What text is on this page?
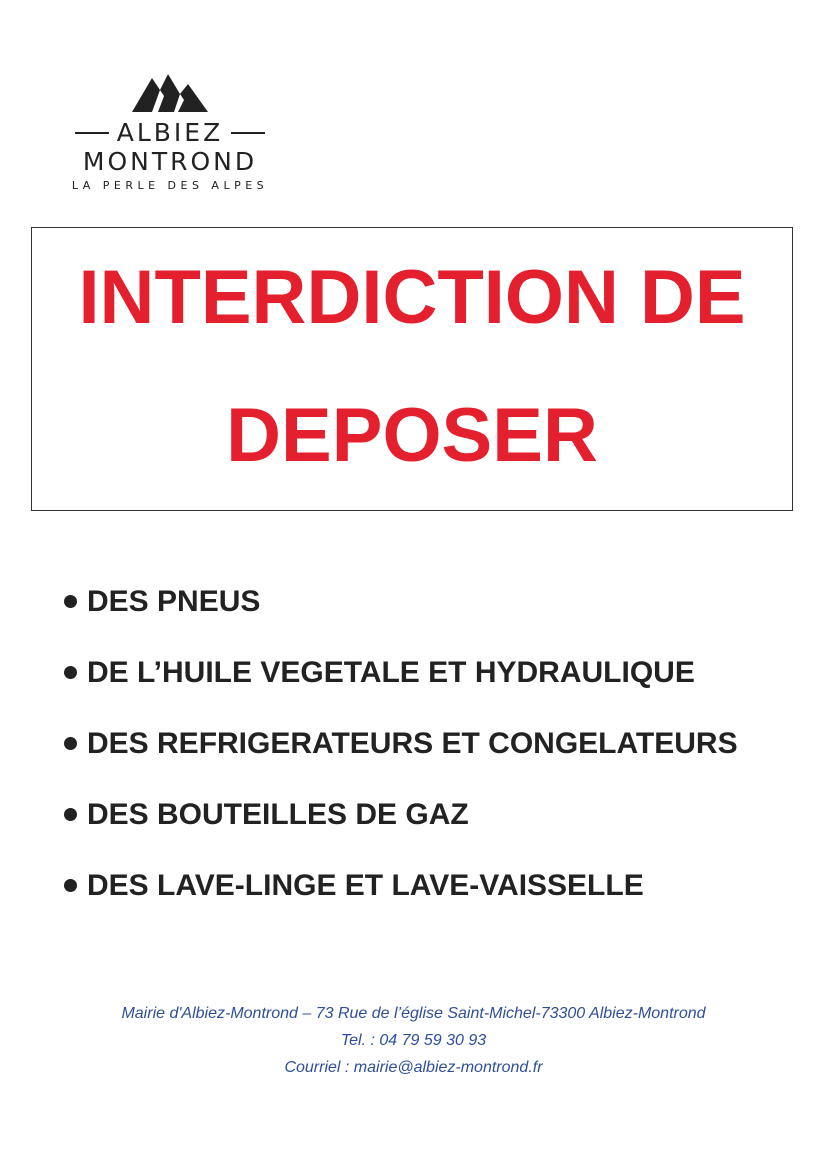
ALBIEZ
MONTROND
LA PERLE DES ALPES
INTERDICTION DE
DEPOSER
DES PNEUS
DE L’HUILE VEGETALE ET HYDRAULIQUE
DES REFRIGERATEURS ET CONGELATEURS
DES BOUTEILLES DE GAZ
DES LAVE-LINGE ET LAVE-VAISSELLE
Mairie d'Albiez-Montrond – 73 Rue de l’église Saint-Michel-73300 Albiez-Montrond
Tel. : 04 79 59 30 93
Courriel : mairie@albiez-montrond.fr
